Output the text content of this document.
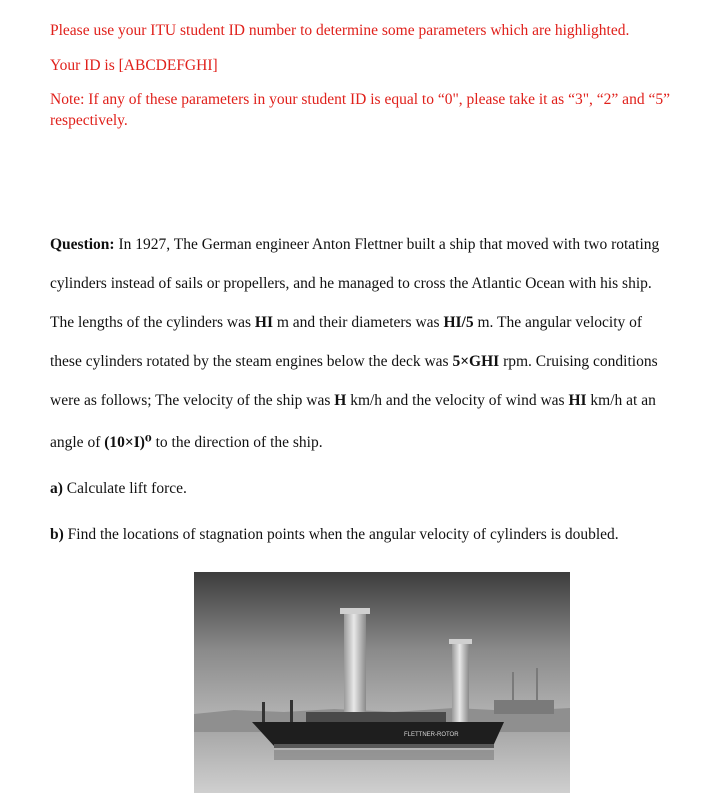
Please use your ITU student ID number to determine some parameters which are highlighted.
Your ID is [ABCDEFGHI]
Note: If any of these parameters in your student ID is equal to “0", please take it as “3", “2” and “5” respectively.
Question: In 1927, The German engineer Anton Flettner built a ship that moved with two rotating
cylinders instead of sails or propellers, and he managed to cross the Atlantic Ocean with his ship.
The lengths of the cylinders was HI m and their diameters was HI/5 m. The angular velocity of
these cylinders rotated by the steam engines below the deck was 5×GHI rpm. Cruising conditions
were as follows; The velocity of the ship was H km/h and the velocity of wind was HI km/h at an
angle of (10×I)⁰ to the direction of the ship.
a) Calculate lift force.
b) Find the locations of stagnation points when the angular velocity of cylinders is doubled.
FLETTNER-ROTOR
